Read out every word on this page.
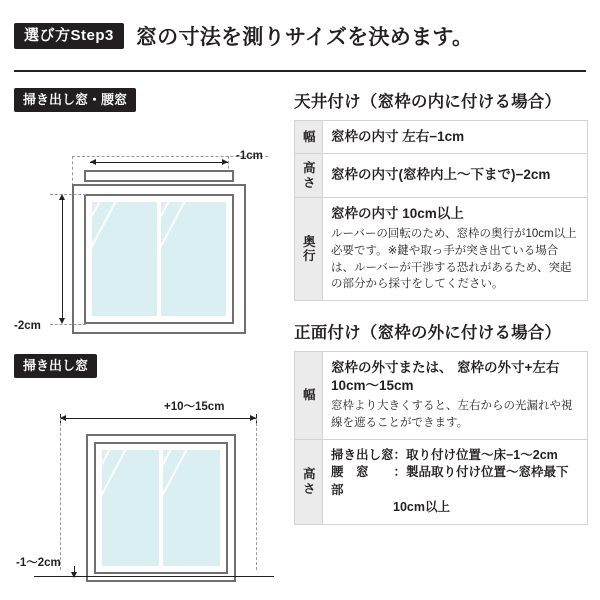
選び方Step3	窓の寸法を測りサイズを決めます。
掃き出し窓・腰窓
-1cm
-2cm
掃き出し窓
+10〜15cm
-1〜2cm
天井付け（窓枠の内に付ける場合）
幅	窓枠の内寸 左右−1cm
高さ	窓枠の内寸(窓枠内上〜下まで)−2cm
奥行	窓枠の内寸 10cm以上
ルーバーの回転のため、窓枠の奥行が10cm以上必要です。※鍵や取っ手が突き出ている場合は、ルーバーが干渉する恐れがあるため、突起の部分から採寸をしてください。
正面付け（窓枠の外に付ける場合）
幅	窓枠の外寸または、 窓枠の外寸+左右10cm〜15cm
窓枠より大きくすると、左右からの光漏れや視線を遮ることができます。

高さ	掃き出し窓：取り付け位置〜床−1〜2cm
腰　窓　　：製品取り付け位置〜窓枠最下部
10cm以上
